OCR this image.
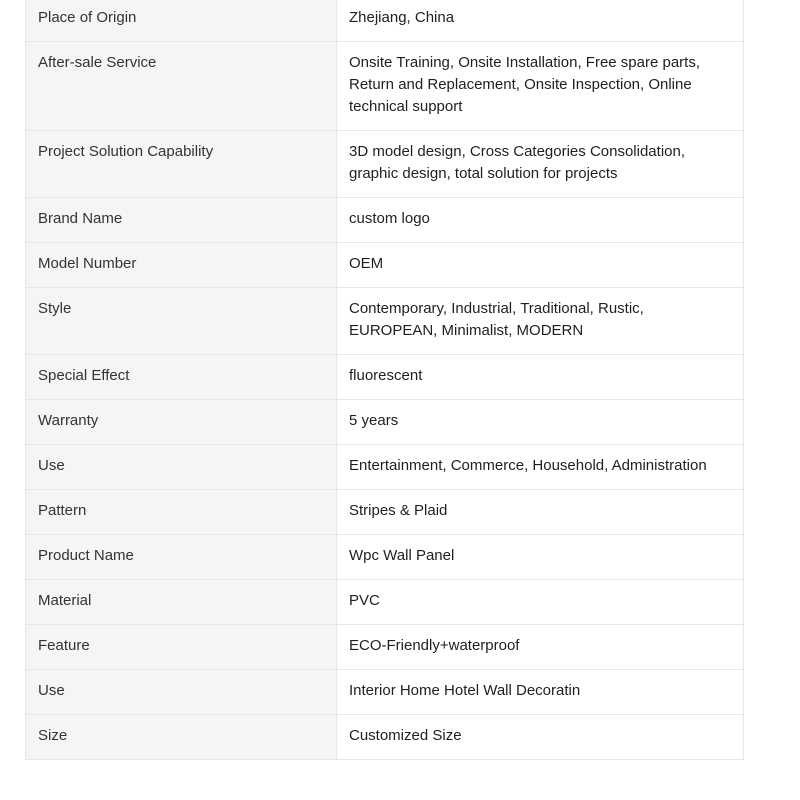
Place of Origin	Zhejiang, China
After-sale Service	Onsite Training, Onsite Installation, Free spare parts, Return and Replacement, Onsite Inspection, Online technical support
Project Solution Capability	3D model design, Cross Categories Consolidation, graphic design, total solution for projects
Brand Name	custom logo
Model Number	OEM
Style	Contemporary, Industrial, Traditional, Rustic, EUROPEAN, Minimalist, MODERN
Special Effect	fluorescent
Warranty	5 years
Use	Entertainment, Commerce, Household, Administration
Pattern	Stripes & Plaid
Product Name	Wpc Wall Panel
Material	PVC
Feature	ECO-Friendly+waterproof
Use	Interior Home Hotel Wall Decoratin
Size	Customized Size
